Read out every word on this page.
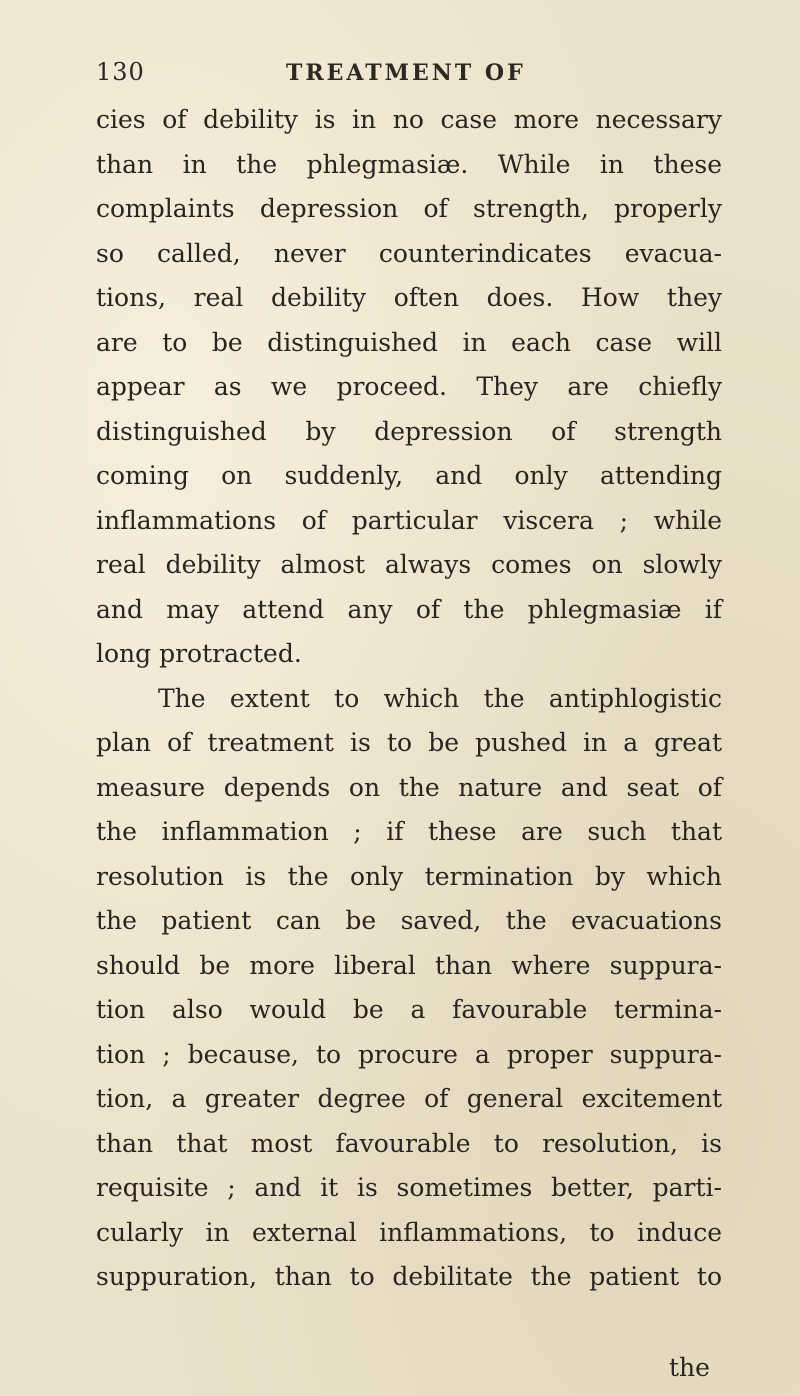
130	TREATMENT OF
cies of debility is in no case more necessary
than in the phlegmasiæ. While in these
complaints depression of strength, properly
so called, never counterindicates evacua-
tions, real debility often does. How they
are to be distinguished in each case will
appear as we proceed. They are chiefly
distinguished by depression of strength
coming on suddenly, and only attending
inflammations of particular viscera ; while
real debility almost always comes on slowly
and may attend any of the phlegmasiæ if
long protracted.
The extent to which the antiphlogistic
plan of treatment is to be pushed in a great
measure depends on the nature and seat of
the inflammation ; if these are such that
resolution is the only termination by which
the patient can be saved, the evacuations
should be more liberal than where suppura-
tion also would be a favourable termina-
tion ; because, to procure a proper suppura-
tion, a greater degree of general excitement
than that most favourable to resolution, is
requisite ; and it is sometimes better, parti-
cularly in external inflammations, to induce
suppuration, than to debilitate the patient to
the
